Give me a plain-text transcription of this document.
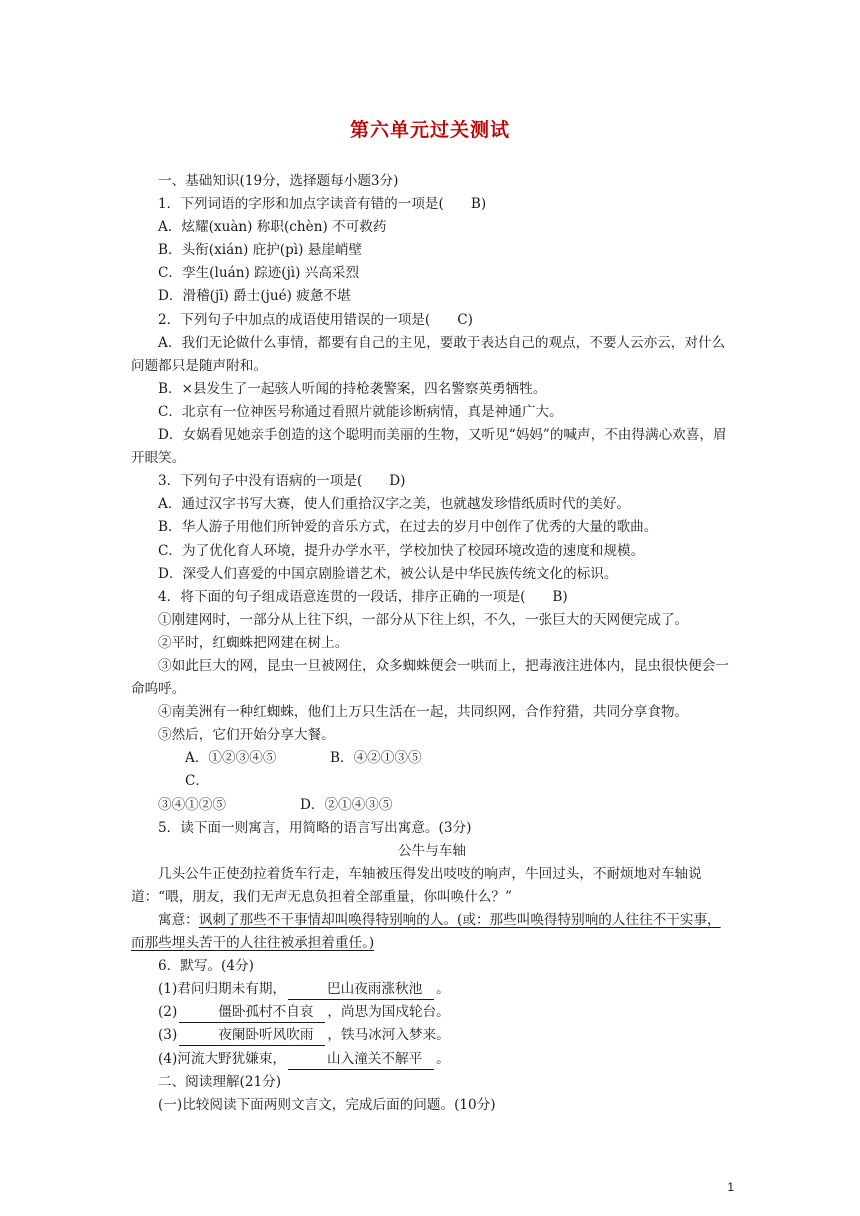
第六单元过关测试

一、基础知识(19分，选择题每小题3分)

1．下列词语的字形和加点字读音有错的一项是( B)

A．炫耀(xuàn) 称职(chèn) 不可救药

B．头衔(xián) 庇护(pì) 悬崖峭壁

C．孪生(luán) 踪迹(jì) 兴高采烈

D．滑稽(jī) 爵士(jué) 疲惫不堪

2．下列句子中加点的成语使用错误的一项是( C)

A．我们无论做什么事情，都要有自己的主见，要敢于表达自己的观点，不要人云亦云，对什么问题都只是随声附和。

B．×县发生了一起骇人听闻的持枪袭警案，四名警察英勇牺牲。

C．北京有一位神医号称通过看照片就能诊断病情，真是神通广大。

D．女娲看见她亲手创造的这个聪明而美丽的生物，又听见“妈妈”的喊声，不由得满心欢喜，眉开眼笑。

3．下列句子中没有语病的一项是( D)

A．通过汉字书写大赛，使人们重拾汉字之美，也就越发珍惜纸质时代的美好。

B．华人游子用他们所钟爱的音乐方式，在过去的岁月中创作了优秀的大量的歌曲。

C．为了优化育人环境，提升办学水平，学校加快了校园环境改造的速度和规模。

D．深受人们喜爱的中国京剧脸谱艺术，被公认是中华民族传统文化的标识。

4．将下面的句子组成语意连贯的一段话，排序正确的一项是( B)

①刚建网时，一部分从上往下织，一部分从下往上织，不久，一张巨大的天网便完成了。

②平时，红蜘蛛把网建在树上。

③如此巨大的网，昆虫一旦被网住，众多蜘蛛便会一哄而上，把毒液注进体内，昆虫很快便会一命呜呼。

④南美洲有一种红蜘蛛，他们上万只生活在一起，共同织网，合作狩猎，共同分享食物。

⑤然后，它们开始分享大餐。

A．①②③④⑤	B．④②①③⑤

C．③④①②⑤	D．②①④③⑤

5．读下面一则寓言，用简略的语言写出寓意。(3分)

公牛与车轴

几头公牛正使劲拉着货车行走，车轴被压得发出吱吱的响声，牛回过头，不耐烦地对车轴说道：“喂，朋友，我们无声无息负担着全部重量，你叫唤什么？”

寓意：讽刺了那些不干事情却叫唤得特别响的人。(或：那些叫唤得特别响的人往往不干实事，而那些埋头苦干的人往往被承担着重任。)

6．默写。(4分)

(1)君问归期未有期，	巴山夜雨涨秋池 。

(2)	僵卧孤村不自哀 ，尚思为国戍轮台。

(3)	夜阑卧听风吹雨 ，铁马冰河入梦来。

(4)河流大野犹嫌束，	山入潼关不解平 。

二、阅读理解(21分)

(一)比较阅读下面两则文言文，完成后面的问题。(10分)

1
